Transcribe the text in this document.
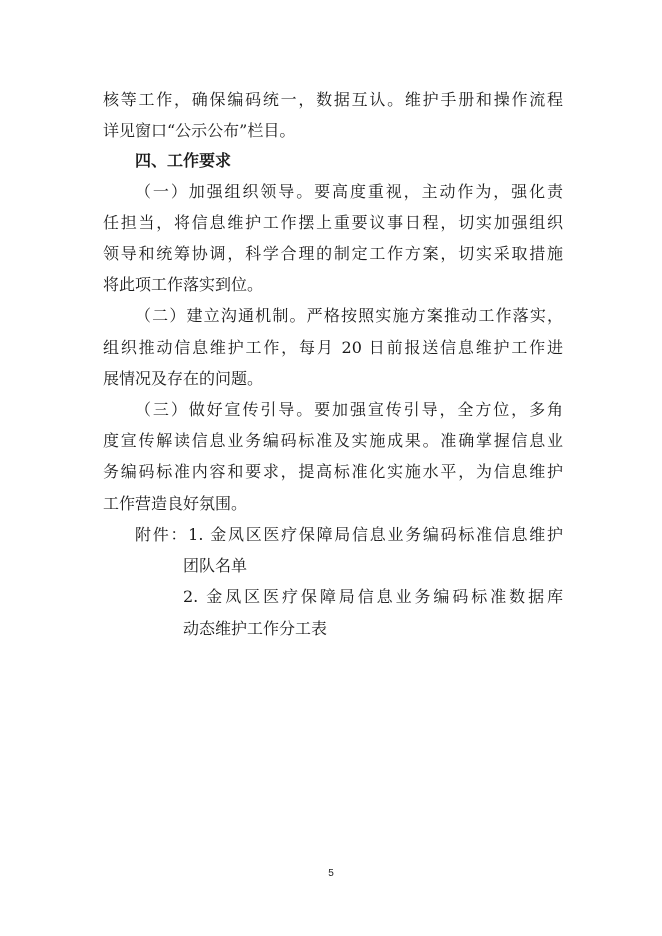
核等工作，确保编码统一，数据互认。维护手册和操作流程
详见窗口“公示公布”栏目。
四、工作要求
（一）加强组织领导。要高度重视，主动作为，强化责
任担当，将信息维护工作摆上重要议事日程，切实加强组织
领导和统筹协调，科学合理的制定工作方案，切实采取措施
将此项工作落实到位。
（二）建立沟通机制。严格按照实施方案推动工作落实，
组织推动信息维护工作，每月 20 日前报送信息维护工作进
展情况及存在的问题。
（三）做好宣传引导。要加强宣传引导，全方位，多角
度宣传解读信息业务编码标准及实施成果。准确掌握信息业
务编码标准内容和要求，提高标准化实施水平，为信息维护
工作营造良好氛围。
附件：1. 金凤区医疗保障局信息业务编码标准信息维护
团队名单
2. 金凤区医疗保障局信息业务编码标准数据库
动态维护工作分工表
5
